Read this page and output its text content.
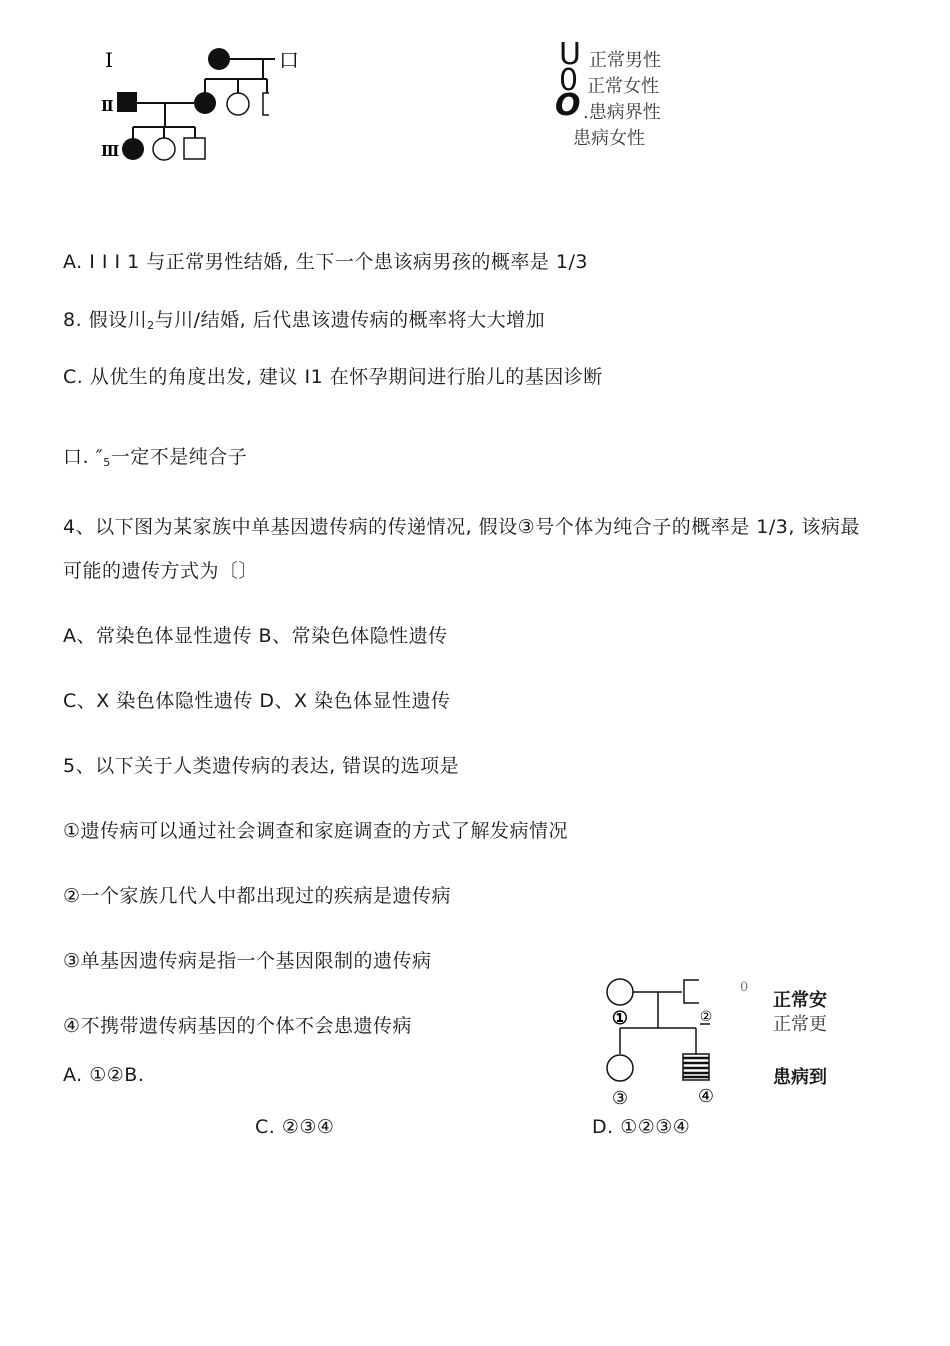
I
Ⅱ
Ⅲ
口	U
0
O
正常男性
正常女性
.患病界性
患病女性
A. I I I 1 与正常男性结婚, 生下一个患该病男孩的概率是 1/3
8. 假设川$_2$与川/结婚, 后代患该遗传病的概率将大大增加
C. 从优生的角度出发, 建议 I1 在怀孕期间进行胎儿的基因诊断
口. $''_5$一定不是纯合子
4、以下图为某家族中单基因遗传病的传递情况, 假设③号个体为纯合子的概率是 1/3, 该病最
可能的遗传方式为〔〕
A、常染色体显性遗传 B、常染色体隐性遗传
C、X 染色体隐性遗传 D、X 染色体显性遗传
5、以下关于人类遗传病的表达, 错误的选项是
①遗传病可以通过社会调查和家庭调查的方式了解发病情况
②一个家族几代人中都出现过的疾病是遗传病
③单基因遗传病是指一个基因限制的遗传病
④不携带遗传病基因的个体不会患遗传病
A. ①②B.
C. ②③④	D. ①②③④
①	②
③	④
0
正常安
正常更
患病到
